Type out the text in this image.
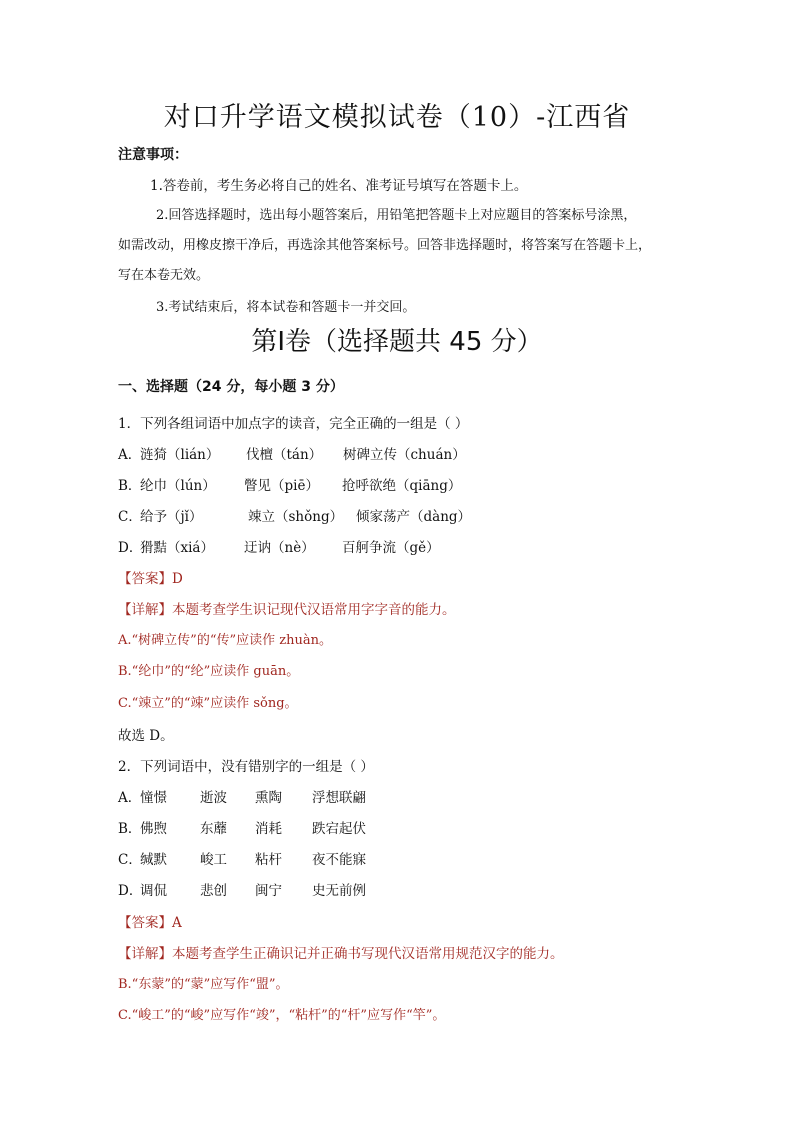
对口升学语文模拟试卷（10）-江西省
注意事项：
1.答卷前，考生务必将自己的姓名、准考证号填写在答题卡上。
2.回答选择题时，选出每小题答案后，用铅笔把答题卡上对应题目的答案标号涂黑，
如需改动，用橡皮擦干净后，再选涂其他答案标号。回答非选择题时，将答案写在答题卡上，
写在本卷无效。
3.考试结束后，将本试卷和答题卡一并交回。
第Ⅰ卷（选择题共 45 分）
一、选择题（24 分，每小题 3 分）
1．下列各组词语中加点字的读音，完全正确的一组是（ ）
A．
涟猗（lián） 伐檀（tán） 树碑立传（chuán）
B．
纶巾（lún） 瞥见（piē） 抢呼欲绝（qiāng）
C．
给予（jǐ）	竦立（shǒng） 倾家荡产（dàng）
D．
猾黠（xiá） 迂讷（nè） 百舸争流（gě）
【答案】D
【详解】本题考查学生识记现代汉语常用字字音的能力。
A.“树碑立传”的“传”应读作 zhuàn。
B.“纶巾”的“纶”应读作 guān。
C.“竦立”的“竦”应读作 sǒng。
故选 D。
2．下列词语中，没有错别字的一组是（ ）
A．
憧憬 逝波 熏陶 浮想联翩
B．
佛煦 东蘼 消耗 跌宕起伏
C．
缄默 峻工 粘杆 夜不能寐
D．
调侃 悲创 闽宁 史无前例
【答案】A
【详解】本题考查学生正确识记并正确书写现代汉语常用规范汉字的能力。
B.“东蒙”的“蒙”应写作“盟”。
C.“峻工”的“峻”应写作“竣”，“粘杆”的“杆”应写作“竿”。
